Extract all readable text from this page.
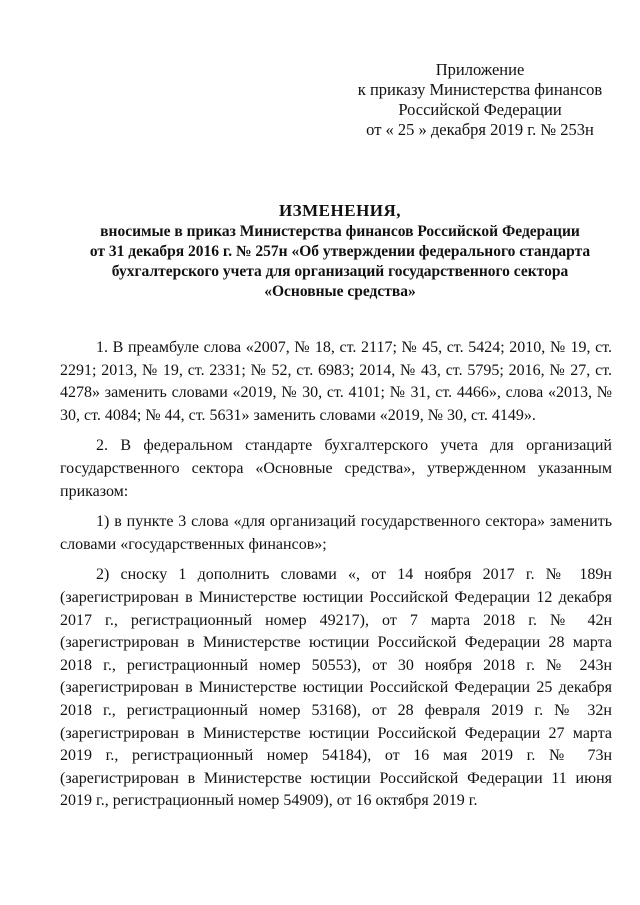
Приложение
к приказу Министерства финансов
Российской Федерации
от « 25 » декабря 2019 г. № 253н
ИЗМЕНЕНИЯ,
вносимые в приказ Министерства финансов Российской Федерации
от 31 декабря 2016 г. № 257н «Об утверждении федерального стандарта
бухгалтерского учета для организаций государственного сектора
«Основные средства»

1. В преамбуле слова «2007, № 18, ст. 2117; № 45, ст. 5424; 2010, № 19, ст. 2291; 2013, № 19, ст. 2331; № 52, ст. 6983; 2014, № 43, ст. 5795; 2016, № 27, ст. 4278» заменить словами «2019, № 30, ст. 4101; № 31, ст. 4466», слова «2013, № 30, ст. 4084; № 44, ст. 5631» заменить словами «2019, № 30, ст. 4149».

2. В федеральном стандарте бухгалтерского учета для организаций государственного сектора «Основные средства», утвержденном указанным приказом:

1) в пункте 3 слова «для организаций государственного сектора» заменить словами «государственных финансов»;

2) сноску 1 дополнить словами «, от 14 ноября 2017 г. № 189н (зарегистрирован в Министерстве юстиции Российской Федерации 12 декабря 2017 г., регистрационный номер 49217), от 7 марта 2018 г. № 42н (зарегистрирован в Министерстве юстиции Российской Федерации 28 марта 2018 г., регистрационный номер 50553), от 30 ноября 2018 г. № 243н (зарегистрирован в Министерстве юстиции Российской Федерации 25 декабря 2018 г., регистрационный номер 53168), от 28 февраля 2019 г. № 32н (зарегистрирован в Министерстве юстиции Российской Федерации 27 марта 2019 г., регистрационный номер 54184), от 16 мая 2019 г. № 73н (зарегистрирован в Министерстве юстиции Российской Федерации 11 июня 2019 г., регистрационный номер 54909), от 16 октября 2019 г.
